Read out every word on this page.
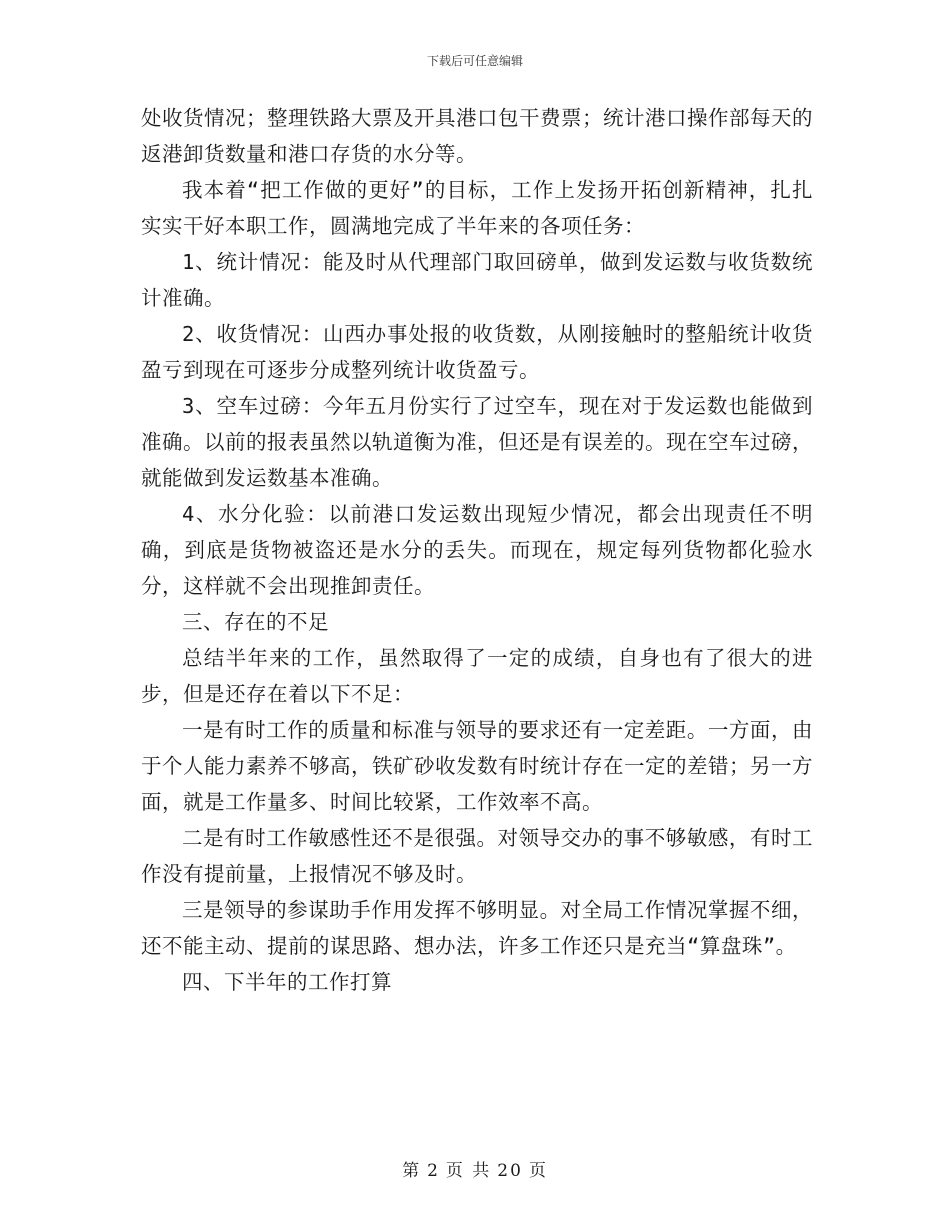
下载后可任意编辑

处收货情况；整理铁路大票及开具港口包干费票；统计港口操作部每天的返港卸货数量和港口存货的水分等。

我本着“把工作做的更好”的目标，工作上发扬开拓创新精神，扎扎实实干好本职工作，圆满地完成了半年来的各项任务：

1、统计情况：能及时从代理部门取回磅单，做到发运数与收货数统计准确。

2、收货情况：山西办事处报的收货数，从刚接触时的整船统计收货盈亏到现在可逐步分成整列统计收货盈亏。

3、空车过磅：今年五月份实行了过空车，现在对于发运数也能做到准确。以前的报表虽然以轨道衡为准，但还是有误差的。现在空车过磅，就能做到发运数基本准确。

4、水分化验：以前港口发运数出现短少情况，都会出现责任不明确，到底是货物被盗还是水分的丢失。而现在，规定每列货物都化验水分，这样就不会出现推卸责任。

三、存在的不足

总结半年来的工作，虽然取得了一定的成绩，自身也有了很大的进步，但是还存在着以下不足：

一是有时工作的质量和标准与领导的要求还有一定差距。一方面，由于个人能力素养不够高，铁矿砂收发数有时统计存在一定的差错；另一方面，就是工作量多、时间比较紧，工作效率不高。

二是有时工作敏感性还不是很强。对领导交办的事不够敏感，有时工作没有提前量，上报情况不够及时。

三是领导的参谋助手作用发挥不够明显。对全局工作情况掌握不细，还不能主动、提前的谋思路、想办法，许多工作还只是充当“算盘珠”。

四、下半年的工作打算

第 2 页 共 20 页
